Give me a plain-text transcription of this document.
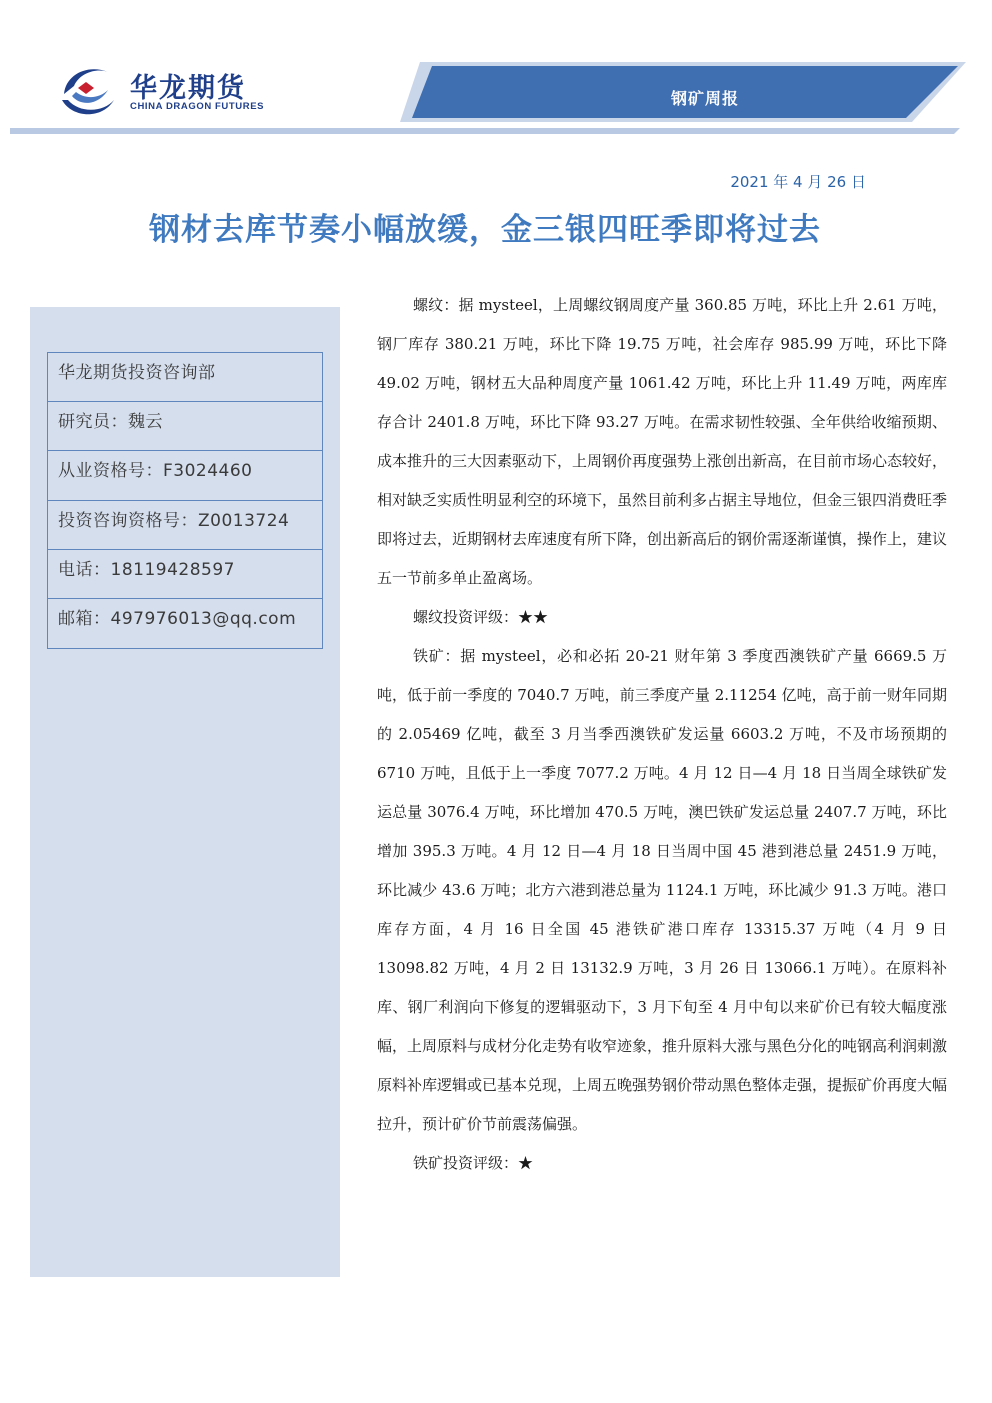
华龙期货
CHINA DRAGON FUTURES	钢矿周报
2021 年 4 月 26 日
钢材去库节奏小幅放缓，金三银四旺季即将过去
华龙期货投资咨询部
研究员：魏云
从业资格号：F3024460
投资咨询资格号：Z0013724
电话：18119428597
邮箱：497976013@qq.com

螺纹：据 mysteel，上周螺纹钢周度产量 360.85 万吨，环比上升 2.61 万吨，钢厂库存 380.21 万吨，环比下降 19.75 万吨，社会库存 985.99 万吨，环比下降 49.02 万吨，钢材五大品种周度产量 1061.42 万吨，环比上升 11.49 万吨，两库库存合计 2401.8 万吨，环比下降 93.27 万吨。在需求韧性较强、全年供给收缩预期、成本推升的三大因素驱动下，上周钢价再度强势上涨创出新高，在目前市场心态较好，相对缺乏实质性明显利空的环境下，虽然目前利多占据主导地位，但金三银四消费旺季即将过去，近期钢材去库速度有所下降，创出新高后的钢价需逐渐谨慎，操作上，建议五一节前多单止盈离场。

螺纹投资评级：★★

铁矿：据 mysteel，必和必拓 20-21 财年第 3 季度西澳铁矿产量 6669.5 万吨，低于前一季度的 7040.7 万吨，前三季度产量 2.11254 亿吨，高于前一财年同期的 2.05469 亿吨，截至 3 月当季西澳铁矿发运量 6603.2 万吨，不及市场预期的 6710 万吨，且低于上一季度 7077.2 万吨。4 月 12 日—4 月 18 日当周全球铁矿发运总量 3076.4 万吨，环比增加 470.5 万吨，澳巴铁矿发运总量 2407.7 万吨，环比增加 395.3 万吨。4 月 12 日—4 月 18 日当周中国 45 港到港总量 2451.9 万吨，环比减少 43.6 万吨；北方六港到港总量为 1124.1 万吨，环比减少 91.3 万吨。港口库存方面，4 月 16 日全国 45 港铁矿港口库存 13315.37 万吨（4 月 9 日 13098.82 万吨，4 月 2 日 13132.9 万吨，3 月 26 日 13066.1 万吨）。在原料补库、钢厂利润向下修复的逻辑驱动下，3 月下旬至 4 月中旬以来矿价已有较大幅度涨幅，上周原料与成材分化走势有收窄迹象，推升原料大涨与黑色分化的吨钢高利润刺激原料补库逻辑或已基本兑现，上周五晚强势钢价带动黑色整体走强，提振矿价再度大幅拉升，预计矿价节前震荡偏强。

铁矿投资评级：★
